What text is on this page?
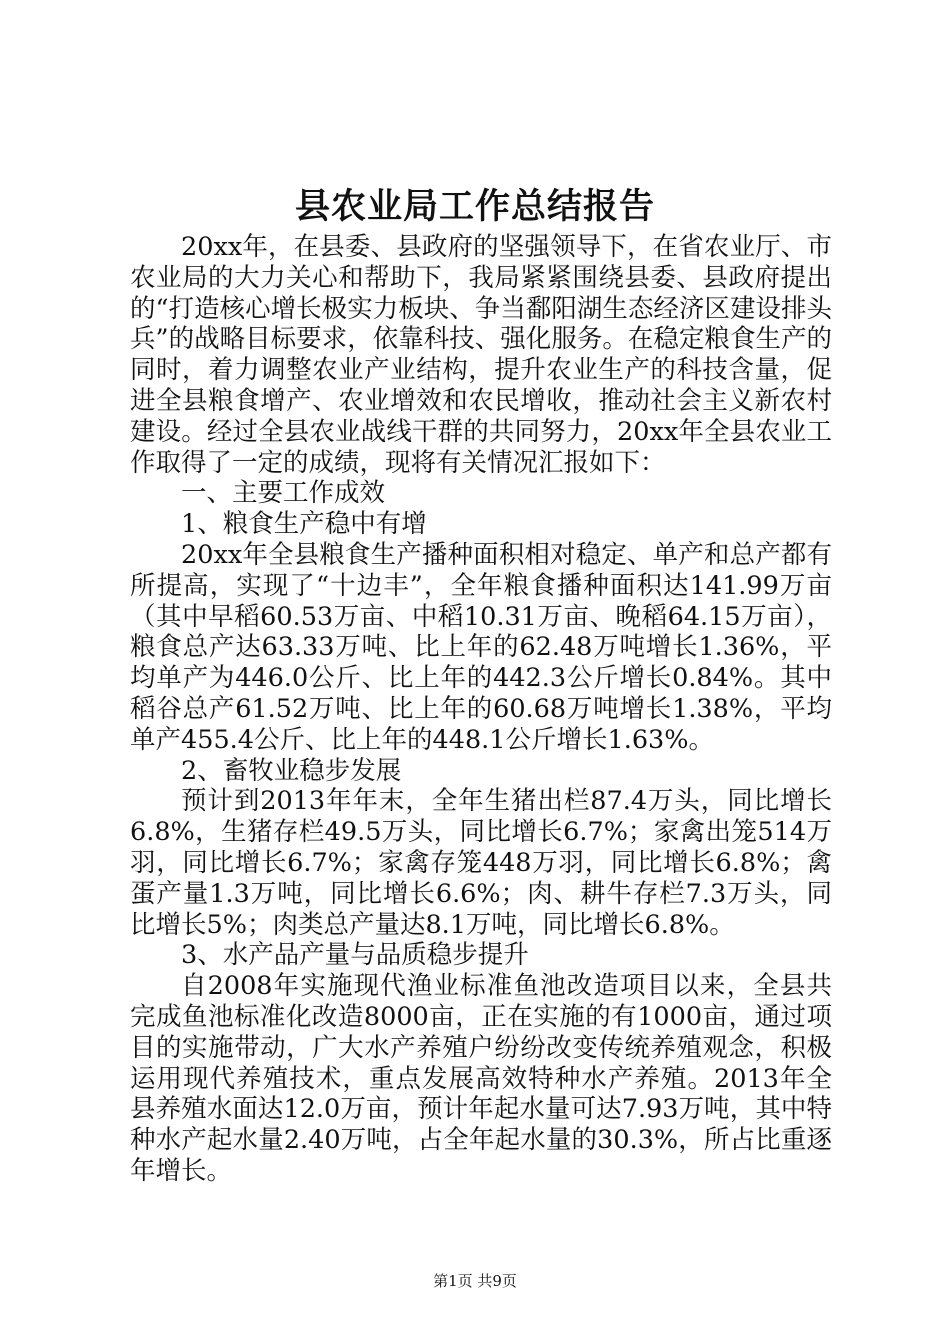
县农业局工作总结报告

20xx年，在县委、县政府的坚强领导下，在省农业厅、市农业局的大力关心和帮助下，我局紧紧围绕县委、县政府提出的“打造核心增长极实力板块、争当鄱阳湖生态经济区建设排头兵”的战略目标要求，依靠科技、强化服务。在稳定粮食生产的同时，着力调整农业产业结构，提升农业生产的科技含量，促进全县粮食增产、农业增效和农民增收，推动社会主义新农村建设。经过全县农业战线干群的共同努力，20xx年全县农业工作取得了一定的成绩，现将有关情况汇报如下：

一、主要工作成效

1、粮食生产稳中有增

20xx年全县粮食生产播种面积相对稳定、单产和总产都有所提高，实现了“十边丰”，全年粮食播种面积达141.99万亩（其中早稻60.53万亩、中稻10.31万亩、晚稻64.15万亩），粮食总产达63.33万吨、比上年的62.48万吨增长1.36%，平均单产为446.0公斤、比上年的442.3公斤增长0.84%。其中稻谷总产61.52万吨、比上年的60.68万吨增长1.38%，平均单产455.4公斤、比上年的448.1公斤增长1.63%。

2、畜牧业稳步发展

预计到2013年年末，全年生猪出栏87.4万头，同比增长6.8%，生猪存栏49.5万头，同比增长6.7%；家禽出笼514万羽，同比增长6.7%；家禽存笼448万羽，同比增长6.8%；禽蛋产量1.3万吨，同比增长6.6%；肉、耕牛存栏7.3万头，同比增长5%；肉类总产量达8.1万吨，同比增长6.8%。

3、水产品产量与品质稳步提升

自2008年实施现代渔业标准鱼池改造项目以来，全县共完成鱼池标准化改造8000亩，正在实施的有1000亩，通过项目的实施带动，广大水产养殖户纷纷改变传统养殖观念，积极运用现代养殖技术，重点发展高效特种水产养殖。2013年全县养殖水面达12.0万亩，预计年起水量可达7.93万吨，其中特种水产起水量2.40万吨，占全年起水量的30.3%，所占比重逐年增长。

第1页 共9页
